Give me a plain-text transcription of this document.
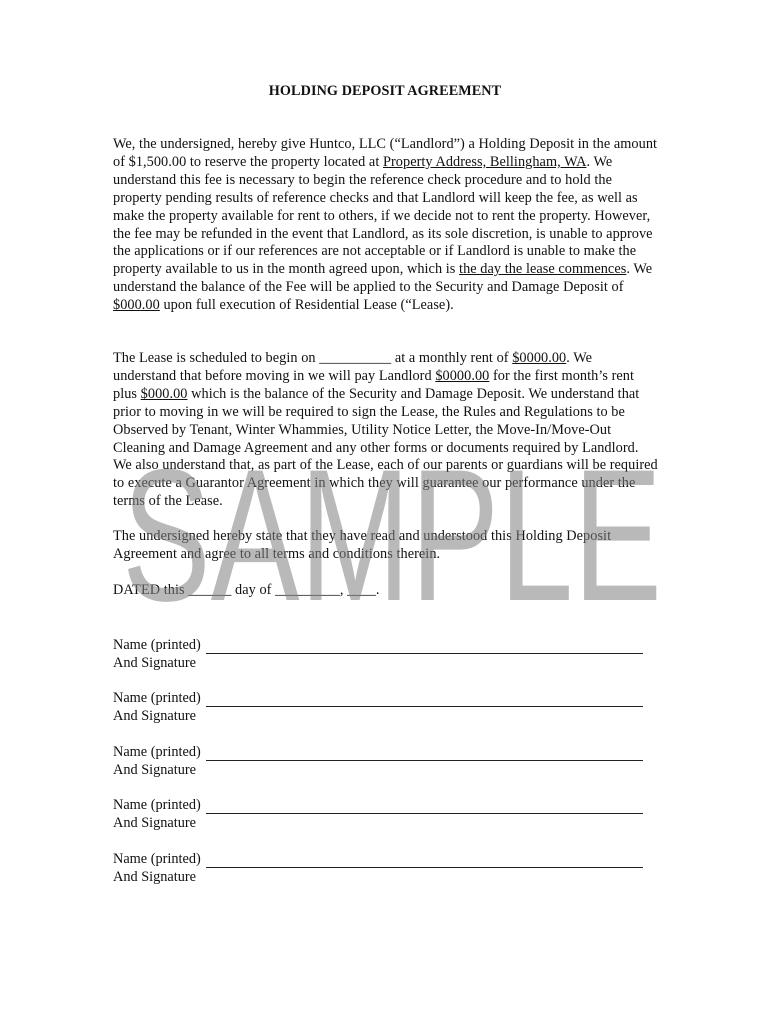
HOLDING DEPOSIT AGREEMENT

We, the undersigned, hereby give Huntco, LLC (“Landlord”) a Holding Deposit in the amount of $1,500.00 to reserve the property located at Property Address, Bellingham, WA. We understand this fee is necessary to begin the reference check procedure and to hold the property pending results of reference checks and that Landlord will keep the fee, as well as make the property available for rent to others, if we decide not to rent the property. However, the fee may be refunded in the event that Landlord, as its sole discretion, is unable to approve the applications or if our references are not acceptable or if Landlord is unable to make the property available to us in the month agreed upon, which is the day the lease commences. We understand the balance of the Fee will be applied to the Security and Damage Deposit of $000.00 upon full execution of Residential Lease (“Lease).

The Lease is scheduled to begin on __________ at a monthly rent of $0000.00. We understand that before moving in we will pay Landlord $0000.00 for the first month’s rent plus $000.00 which is the balance of the Security and Damage Deposit. We understand that prior to moving in we will be required to sign the Lease, the Rules and Regulations to be Observed by Tenant, Winter Whammies, Utility Notice Letter, the Move-In/Move-Out Cleaning and Damage Agreement and any other forms or documents required by Landlord. We also understand that, as part of the Lease, each of our parents or guardians will be required to execute a Guarantor Agreement in which they will guarantee our performance under the terms of the Lease.

The undersigned hereby state that they have read and understood this Holding Deposit Agreement and agree to all terms and conditions therein.

DATED this ______ day of _________, ____.

Name (printed)
And Signature
Name (printed)
And Signature
Name (printed)
And Signature
Name (printed)
And Signature
Name (printed)
And Signature
SAMPLE
